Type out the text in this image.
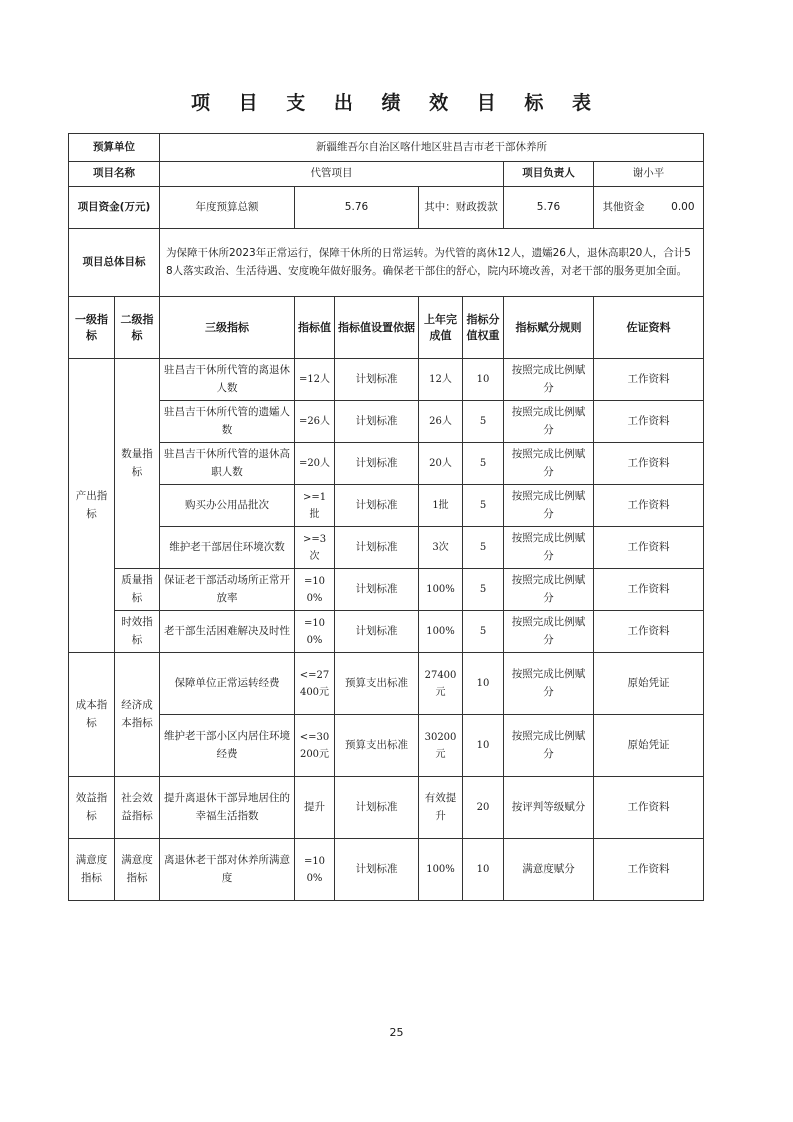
项 目 支 出 绩 效 目 标 表
预算单位		新疆维吾尔自治区喀什地区驻昌吉市老干部休养所						
项目名称		代管项目					项目负责人	谢小平
项目资金(万元)		年度预算总额	5.76		其中：财政拨款		5.76	其他资金 0.00
项目总体目标		为保障干休所2023年正常运行，保障干休所的日常运转。为代管的离休12人，遗孀26人，退休高职20人，合计58人落实政治、生活待遇、安度晚年做好服务。确保老干部住的舒心，院内环境改善，对老干部的服务更加全面。						
一级指标	二级指标	三级指标	指标值	指标值设置依据	上年完成值	指标分值权重	指标赋分规则	佐证资料
产出指标	数量指标	驻昌吉干休所代管的离退休人数	=12人	计划标准	12人	10	按照完成比例赋分	工作资料
		驻昌吉干休所代管的遗孀人数	=26人	计划标准	26人	5	按照完成比例赋分	工作资料
		驻昌吉干休所代管的退休高职人数	=20人	计划标准	20人	5	按照完成比例赋分	工作资料
		购买办公用品批次	>=1批	计划标准	1批	5	按照完成比例赋分	工作资料
		维护老干部居住环境次数	>=3次	计划标准	3次	5	按照完成比例赋分	工作资料
	质量指标	保证老干部活动场所正常开放率	=100%	计划标准	100%	5	按照完成比例赋分	工作资料
	时效指标	老干部生活困难解决及时性	=100%	计划标准	100%	5	按照完成比例赋分	工作资料
成本指标	经济成本指标	保障单位正常运转经费	<=27400元	预算支出标准	27400元	10	按照完成比例赋分	原始凭证
		维护老干部小区内居住环境经费	<=30200元	预算支出标准	30200元	10	按照完成比例赋分	原始凭证
效益指标	社会效益指标	提升离退休干部异地居住的幸福生活指数	提升	计划标准	有效提升	20	按评判等级赋分	工作资料
满意度指标	满意度指标	离退休老干部对休养所满意度	=100%	计划标准	100%	10	满意度赋分	工作资料
25
